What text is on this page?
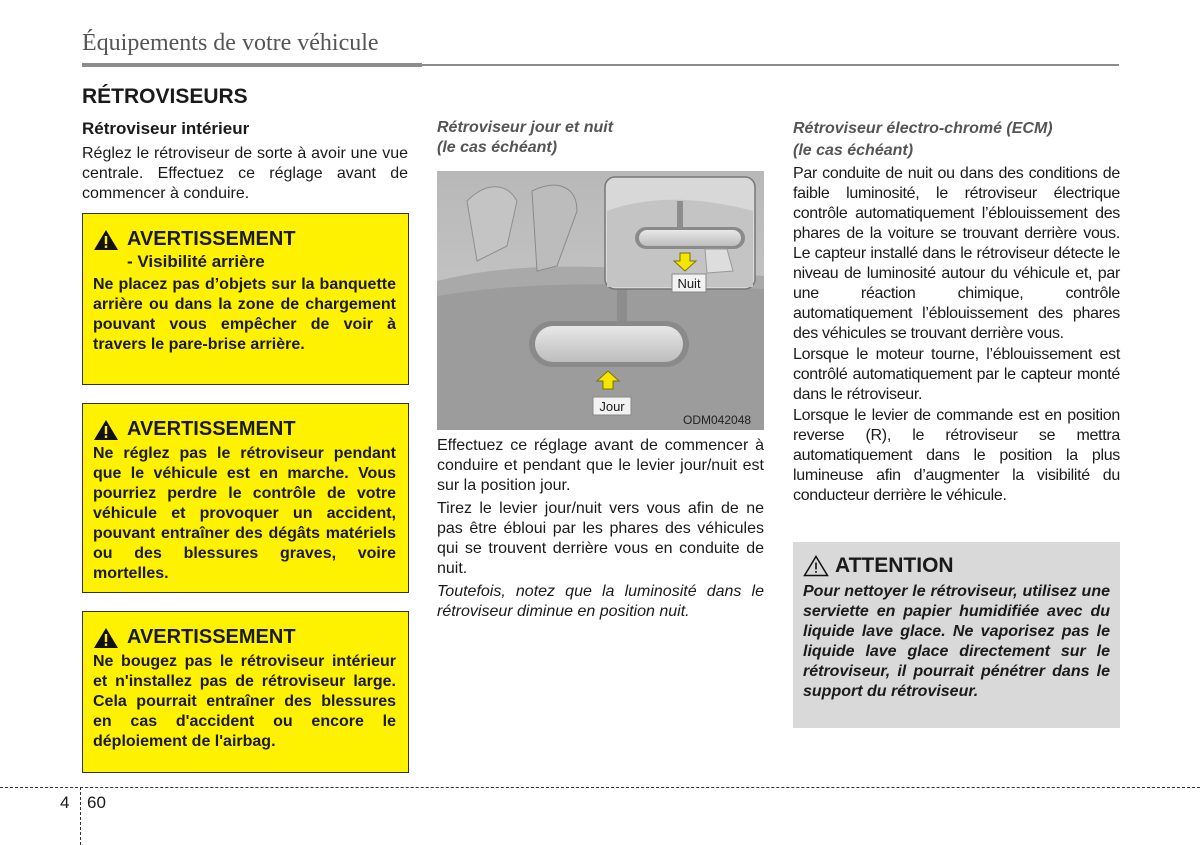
Équipements de votre véhicule
RÉTROVISEURS
Rétroviseur intérieur
Réglez le rétroviseur de sorte à avoir une vue centrale. Effectuez ce réglage avant de commencer à conduire.
AVERTISSEMENT
- Visibilité arrière
Ne placez pas d’objets sur la banquette arrière ou dans la zone de chargement pouvant vous empêcher de voir à travers le pare-brise arrière.
AVERTISSEMENT
Ne réglez pas le rétroviseur pendant que le véhicule est en marche. Vous pourriez perdre le contrôle de votre véhicule et provoquer un accident, pouvant entraîner des dégâts matériels ou des blessures graves, voire mortelles.
AVERTISSEMENT
Ne bougez pas le rétroviseur intérieur et n'installez pas de rétroviseur large. Cela pourrait entraîner des blessures en cas d'accident ou encore le déploiement de l'airbag.
Rétroviseur jour et nuit
(le cas échéant)
Nuit
Jour
ODM042048

Effectuez ce réglage avant de commencer à conduire et pendant que le levier jour/nuit est sur la position jour.

Tirez le levier jour/nuit vers vous afin de ne pas être ébloui par les phares des véhicules qui se trouvent derrière vous en conduite de nuit.

Toutefois, notez que la luminosité dans le rétroviseur diminue en position nuit.

Rétroviseur électro-chromé (ECM)
(le cas échéant)

Par conduite de nuit ou dans des conditions de faible luminosité, le rétroviseur électrique contrôle automatiquement l’éblouissement des phares de la voiture se trouvant derrière vous. Le capteur installé dans le rétroviseur détecte le niveau de luminosité autour du véhicule et, par une réaction chimique, contrôle automatiquement l’éblouissement des phares des véhicules se trouvant derrière vous.

Lorsque le moteur tourne, l’éblouissement est contrôlé automatiquement par le capteur monté dans le rétroviseur.

Lorsque le levier de commande est en position reverse (R), le rétroviseur se mettra automatiquement dans le position la plus lumineuse afin d’augmenter la visibilité du conducteur derrière le véhicule.

ATTENTION
Pour nettoyer le rétroviseur, utilisez une serviette en papier humidifiée avec du liquide lave glace. Ne vaporisez pas le liquide lave glace directement sur le rétroviseur, il pourrait pénétrer dans le support du rétroviseur.
4 60
